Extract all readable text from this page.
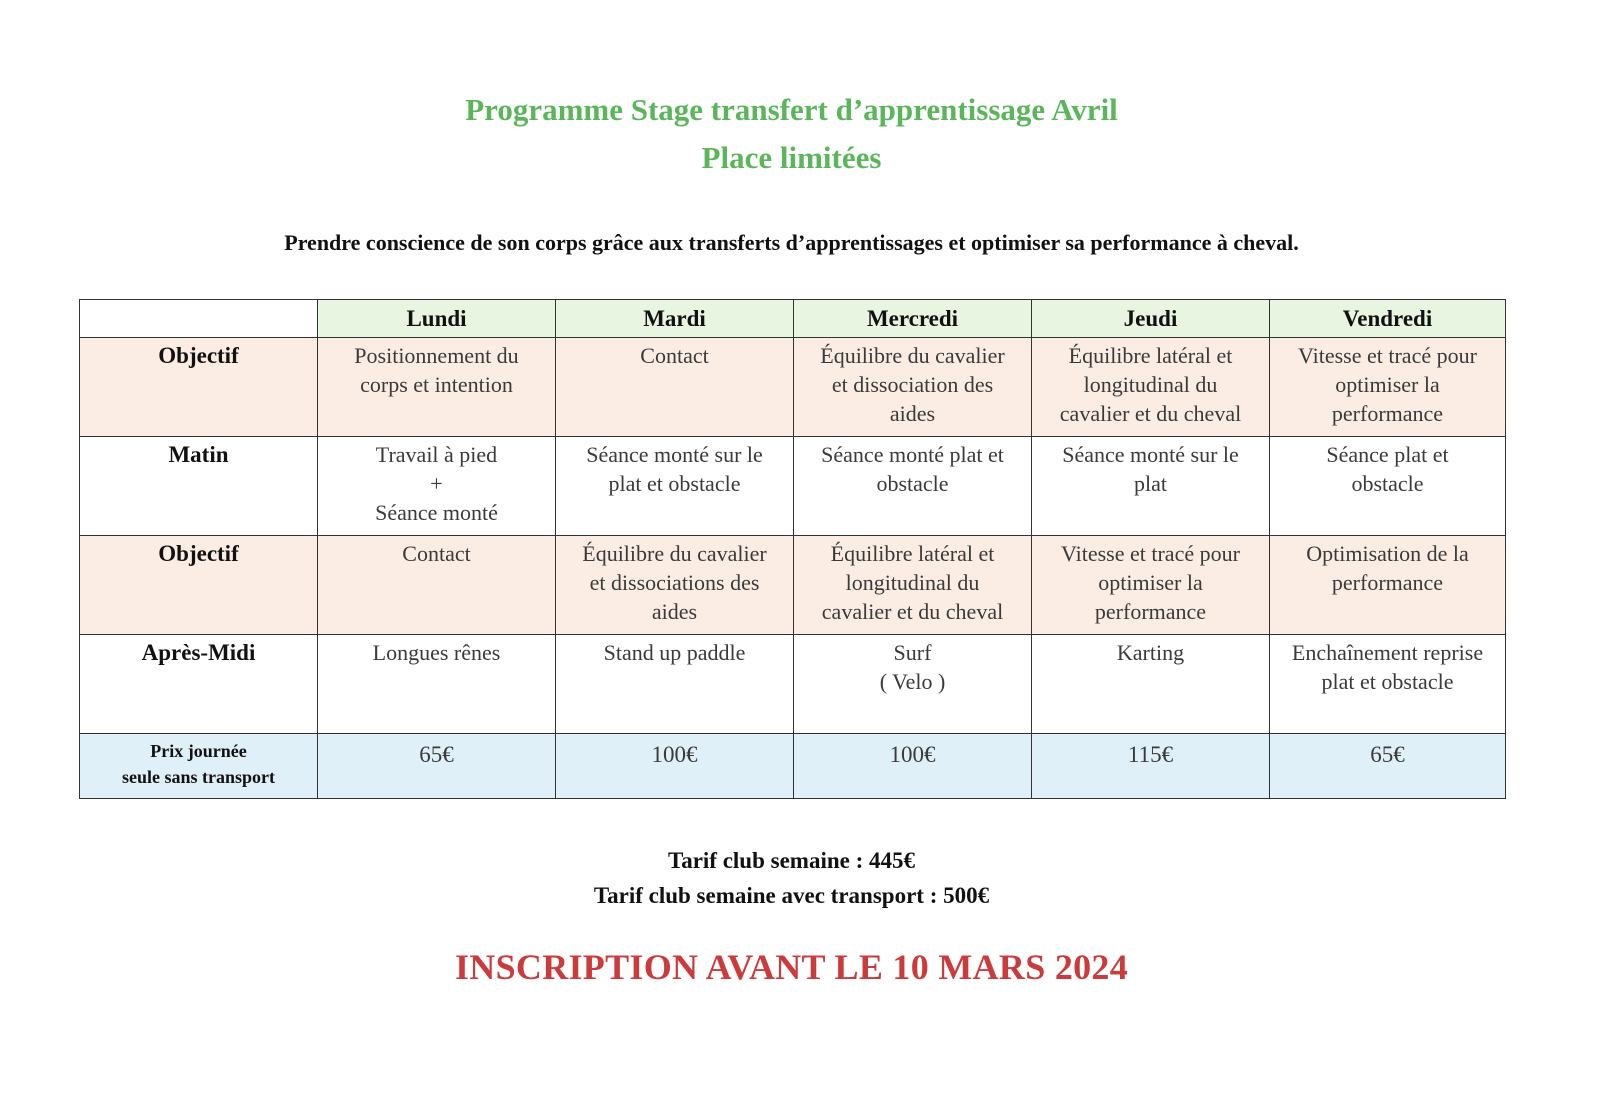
Programme Stage transfert d’apprentissage Avril
Place limitées
Prendre conscience de son corps grâce aux transferts d’apprentissages et optimiser sa performance à cheval.
	Lundi	Mardi	Mercredi	Jeudi	Vendredi
Objectif	Positionnement du
corps et intention	Contact	Équilibre du cavalier
et dissociation des
aides	Équilibre latéral et
longitudinal du
cavalier et du cheval	Vitesse et tracé pour
optimiser la
performance

Matin	Travail à pied
+
Séance monté	Séance monté sur le
plat et obstacle	Séance monté plat et
obstacle	Séance monté sur le
plat	Séance plat et
obstacle

Objectif	Contact	Équilibre du cavalier
et dissociations des
aides	Équilibre latéral et
longitudinal du
cavalier et du cheval	Vitesse et tracé pour
optimiser la
performance	Optimisation de la
performance

Après-Midi	Longues rênes	Stand up paddle	Surf
( Velo )	Karting	Enchaînement reprise
plat et obstacle

Prix journée
seule sans transport	65€	100€	100€	115€	65€
Tarif club semaine : 445€
Tarif club semaine avec transport : 500€
INSCRIPTION AVANT LE 10 MARS 2024
